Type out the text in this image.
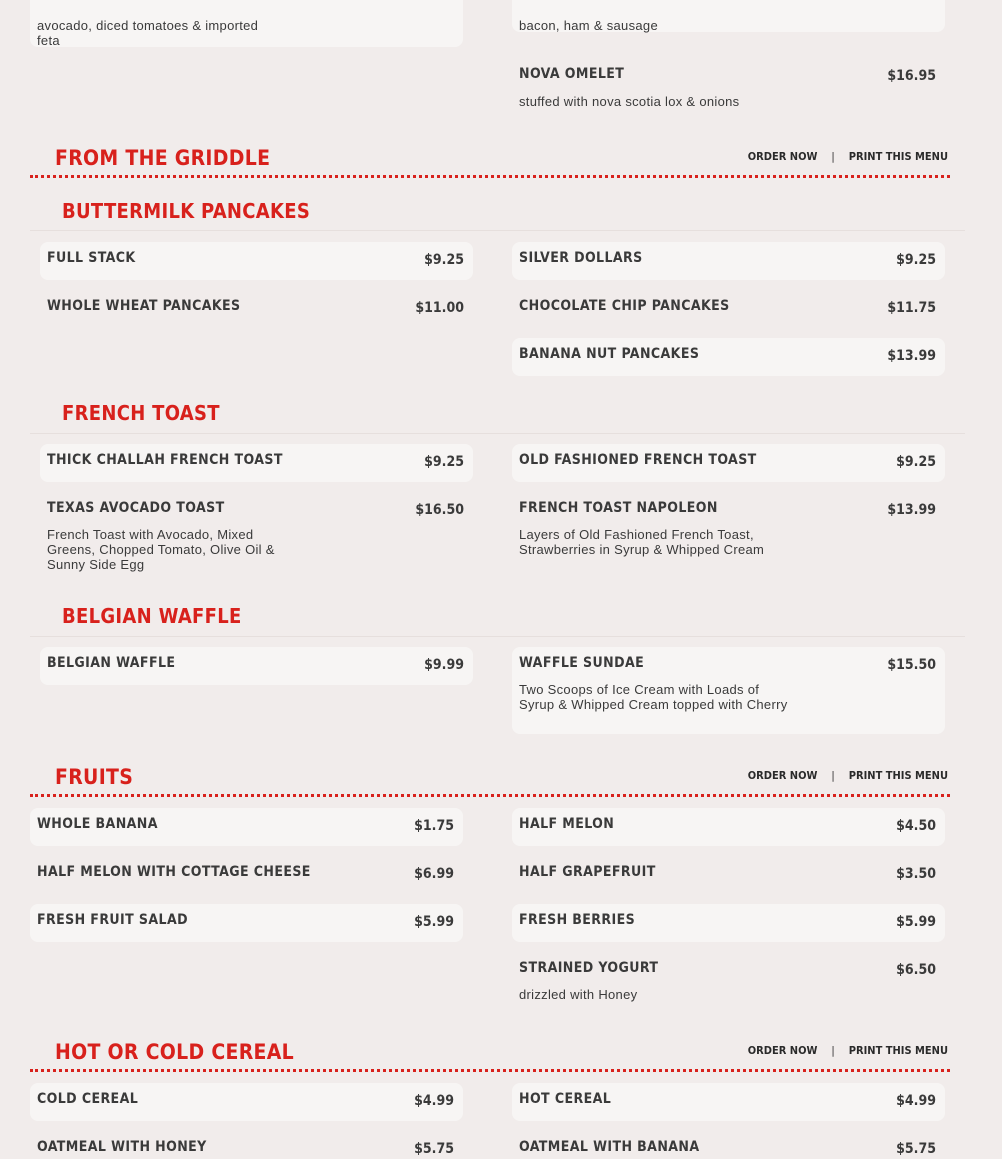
avocado, diced tomatoes & imported feta
bacon, ham & sausage
NOVA OMELET	$16.95
stuffed with nova scotia lox & onions
FROM THE GRIDDLE	ORDER NOW | PRINT THIS MENU
BUTTERMILK PANCAKES
FULL STACK	$9.25	SILVER DOLLARS	$9.25
WHOLE WHEAT PANCAKES	$11.00	CHOCOLATE CHIP PANCAKES	$11.75
BANANA NUT PANCAKES	$13.99
FRENCH TOAST
THICK CHALLAH FRENCH TOAST	$9.25	OLD FASHIONED FRENCH TOAST	$9.25
TEXAS AVOCADO TOAST	$16.50
French Toast with Avocado, Mixed Greens, Chopped Tomato, Olive Oil & Sunny Side Egg
FRENCH TOAST NAPOLEON	$13.99
Layers of Old Fashioned French Toast, Strawberries in Syrup & Whipped Cream
BELGIAN WAFFLE
BELGIAN WAFFLE	$9.99	WAFFLE SUNDAE	$15.50
Two Scoops of Ice Cream with Loads of Syrup & Whipped Cream topped with Cherry
FRUITS	ORDER NOW | PRINT THIS MENU
WHOLE BANANA	$1.75	HALF MELON	$4.50
HALF MELON WITH COTTAGE CHEESE	$6.99	HALF GRAPEFRUIT	$3.50
FRESH FRUIT SALAD	$5.99	FRESH BERRIES	$5.99
STRAINED YOGURT	$6.50
drizzled with Honey
HOT OR COLD CEREAL	ORDER NOW | PRINT THIS MENU
COLD CEREAL	$4.99	HOT CEREAL	$4.99
OATMEAL WITH HONEY	$5.75	OATMEAL WITH BANANA	$5.75
